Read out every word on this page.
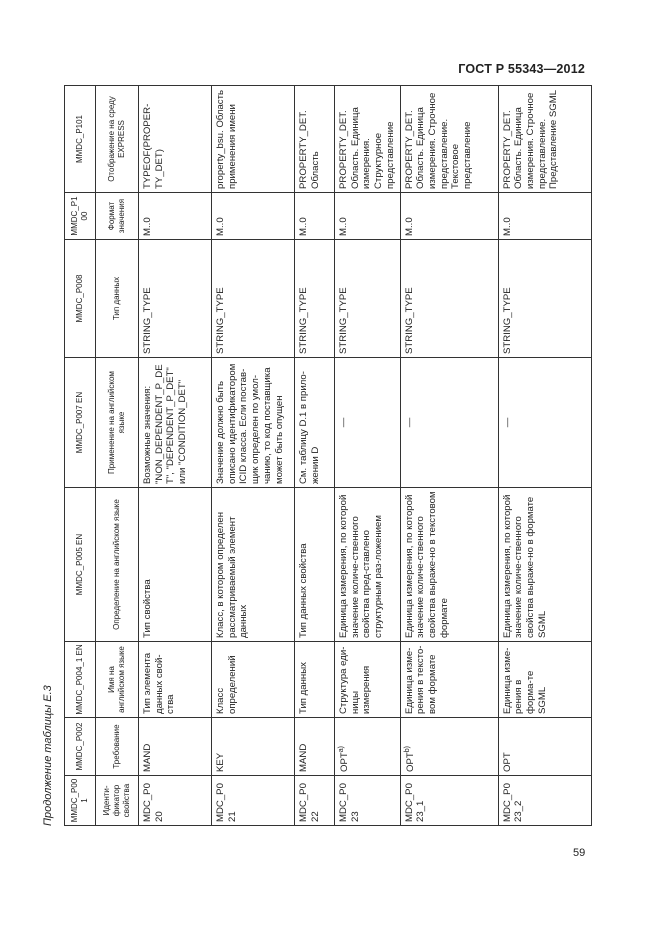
ГОСТ Р 55343—2012
Продолжение таблицы Е.3 MMDC_P001	MMDC_P002	MMDC_P004_1 EN	MMDC_P005 EN	MMDC_P007 EN	MMDC_P008	MMDC_P100	MMDC_P101
Иденти-фикатор свойства	Требование	Имя на английском языке	Определение на английском языке	Применение на английском языке	Тип данных	Формат значения	Отображение на среду EXPRESS
MDC_P020	MAND	Тип элемента данных свой-ства	Тип свойства	Возможные значения: "NON_DEPENDENT_P_DET", "DEPENDENT_P_DET" или "CONDITION_DET"	STRING_TYPE	M..0	TYPEOF(PROPER-TY_DET)
MDC_P021	KEY	Класс определений	Класс, в котором определен рассматриваемый элемент данных	Значение должно быть описано идентификатором ICID класса. Если постав-щик определен по умол-чанию, то код поставщика может быть опущен	STRING_TYPE	M..0	property_bsu. Область применения имени
MDC_P022	MAND	Тип данных	Тип данных свойства	См. таблицу D.1 в прило-жении D	STRING_TYPE	M..0	PROPERTY_DET. Область
MDC_P023	OPT$^{a)}$	Структура еди-ницы измерения	Единица измерения, по которой значение количе-ственного свойства пред-ставлено структурным раз-ложением	—	STRING_TYPE	M..0	PROPERTY_DET. Область. Единица измерения. Структурное представление
MDC_P023_1	OPT$^{b)}$	Единица изме-рения в тексто-вом формате	Единица измерения, по которой значение количе-ственного свойства выраже-но в текстовом формате	—	STRING_TYPE	M..0	PROPERTY_DET. Область. Единица измерения. Строчное представление. Текстовое представление
MDC_P023_2	OPT	Единица изме-рения в форма-те SGML	Единица измерения, по которой значение количе-ственного свойства выраже-но в формате SGML	—	STRING_TYPE	M..0	PROPERTY_DET. Область. Единица измерения. Строчное представление. Представление SGML
59
